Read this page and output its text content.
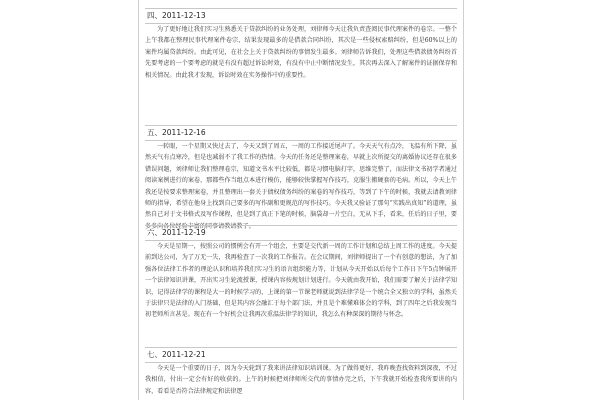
四、2011-12-13
为了更好地让我们实习生熟悉关于贷款纠纷的业务处理，刘律师今天让我负责查阅民事代理案件的卷宗。一整个上午我都在整理民事代理案件卷宗，结果发现最多的是借款合同纠纷，其次是一些侵权索赔纠纷，但是60%以上的案件均属贷款纠纷。由此可见，在社会上关于贷款纠纷的事情发生最多。刘律师告诉我们，处理这些借款债务纠纷首先要考虑的一个要考虑的就是有没有超过诉讼时效，有没有中止中断情况发生，其次再去深入了解案件的证据保存和相关情况。由此我才发现，诉讼时效在实务操作中的重要性。
五、2011-12-16
一转眼，一个星期又快过去了，今天又到了周五，一周的工作接近尾声了。今天天气有点冷，飞温有所下降，虽然天气有点寒冷，但是也减弱不了我工作的热情。今天的任务还是整理案卷，早就上次所提交的离婚协议还存在很多错误问题，刘律师让我们整理卷宗，知道文书水平比较低，都是习惯电脑打字，思维完整了，而法律文书初学者通过阅读案例进行的案卷，那都些作当组点本进行模仿，能够较快掌握写作技巧，克服生搬硬套的毛病。所以，今天上午我还是按要求整理案卷，并且整理出一套关于债权债务纠纷的案卷的写作技巧，等到了下午的时候，我就去请教刘律师的指导，希望在他身上找到自己要多的写作副和更规范的写作技巧。今天我又验证了那句“实践出真知”的道理，虽然自己对于文书格式及写作课程，但是到了真正下笔的时候，脑袋却一片空白，无从下手，看来，任后的日子里，要多多向各位经验丰富的同事请教请教了。
六、2011-12-19
今天是星期一，按照公司的惯例会有开一个组会，主要是交代新一周的工作计划和总结上周工作的进度。今天提前到达公司，为了万无一失，我再检查了一次我的工作报告。在会议期间，刘律师提出了一个有创意的想法，为了加强各位法律工作者的理论认识和培养我们实习生的语言组织能力等，计划从今天开始以后每个工作日下午5点钟展开一个法律知识讲课，开出实习生轮流授课，授课内容按规划计划进行。今天就由我开始，我们需要了解关于法律学知识，记得法律学的课程是大一的时候学习的，上课的第一节课老师就说到法律学是一个统合全又独立的学科，虽然关于法律只是法律的入门基础，但是其内容会融汇于每个部门法，并且是个难懂难体会的学科，到了四年之后我发现当初老师所言甚是。现在有一个好机会让我再次重温法律学的知识，我怎么有种深深的期待与怀念。
七、2011-12-21
今天是一个重要的日子，因为今天轮到了我来讲法律知识培训课。为了做得更好，我昨晚查找资料到深夜，不过我相信，付出一定会有好的收获的。上午的时候把刘律师所交代的事情办完之后，下午我就开始检查我所要讲的内容，看看是否符合法律规定和法律逻
